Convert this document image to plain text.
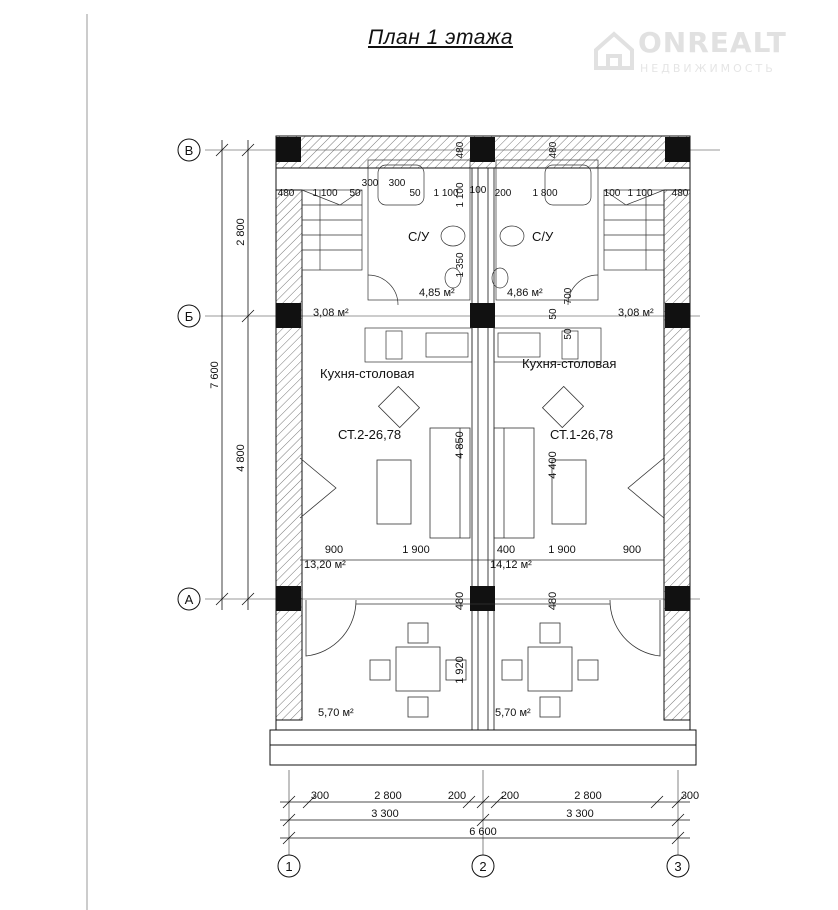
План 1 этажа	ONREALT
НЕДВИЖИМОСТЬ
В
Б
А
1	2	3
2 800
4 800
7 600
300	2 800	200	200	2 800	300
3 300	3 300
6 600
480 1 100 50
300 300
50 1 100 100 200 1 800	100 1 100 480
480	480
1 100
1 350
700
50
50
900	1 900	400	1 900	900
4 850
4 400
480	480
1 920
С/У	С/У
Кухня-столовая
Кухня-столовая
СТ.2-26,78	СТ.1-26,78
4,85 м²	4,86 м²
3,08 м²	3,08 м²
13,20 м²	14,12 м²
5,70 м²	5,70 м²
